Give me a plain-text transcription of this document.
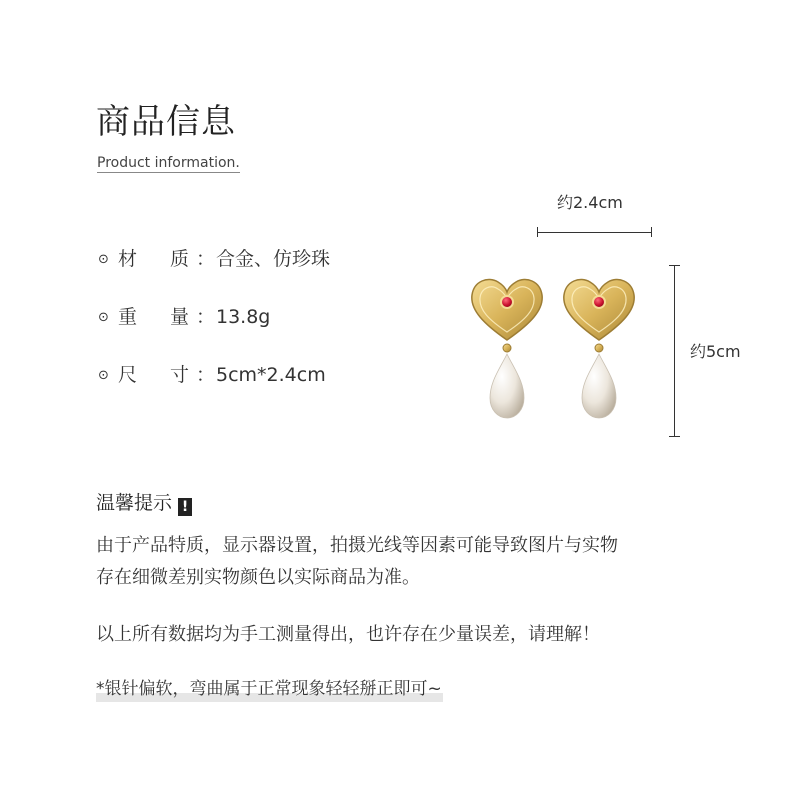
商品信息
Product information.
⊙ 材 质 ：合金、仿珍珠
⊙ 重 量 ：13.8g
⊙ 尺 寸 ：5cm*2.4cm
约2.4cm
约5cm
温馨提示 !
由于产品特质，显示器设置，拍摄光线等因素可能导致图片与实物
存在细微差别实物颜色以实际商品为准。
以上所有数据均为手工测量得出，也许存在少量误差，请理解！
*银针偏软，弯曲属于正常现象轻轻掰正即可~
